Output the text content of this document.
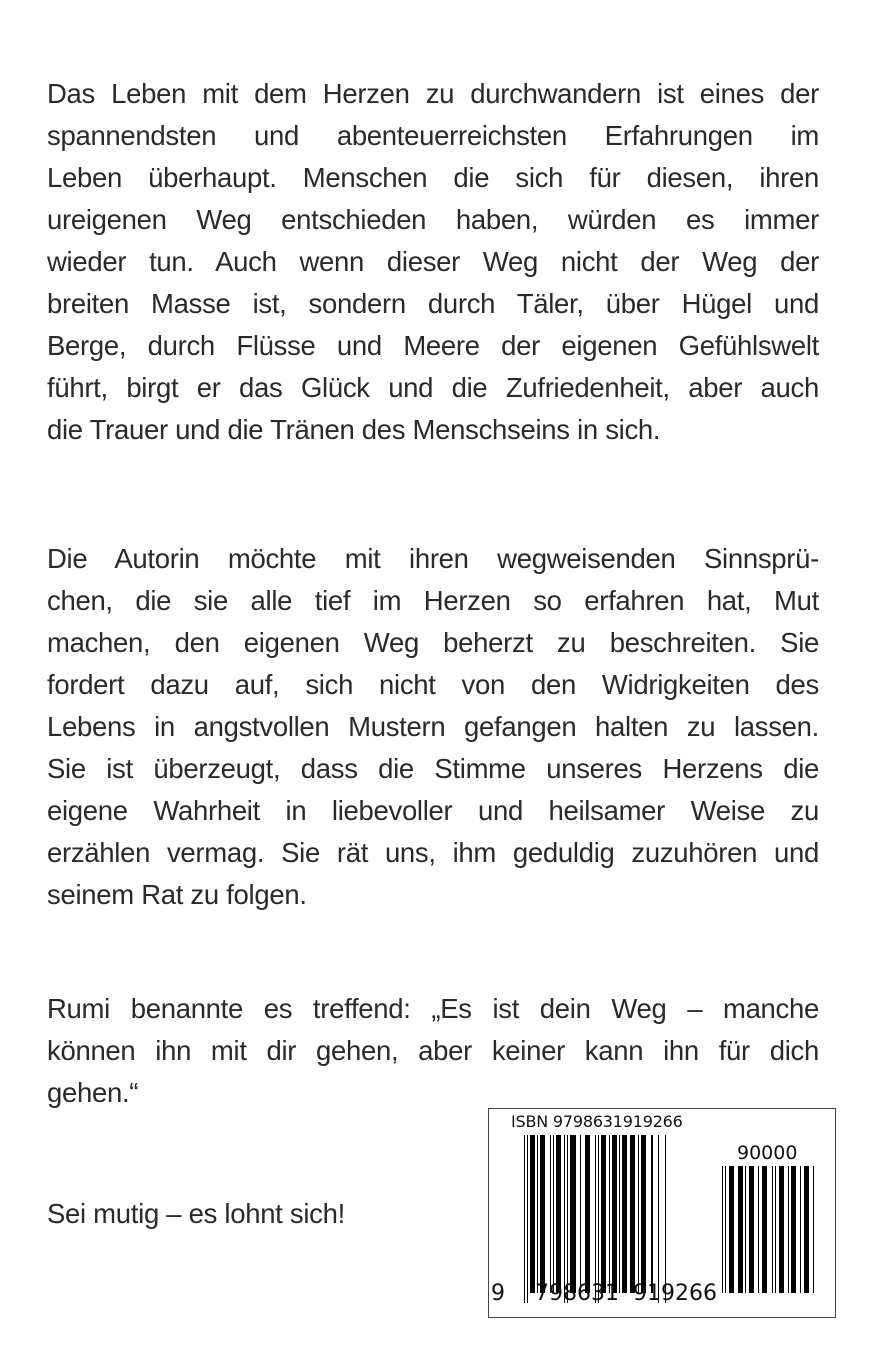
Das Leben mit dem Herzen zu durchwandern ist eines der
spannendsten und abenteuerreichsten Erfahrungen im
Leben überhaupt. Menschen die sich für diesen, ihren
ureigenen Weg entschieden haben, würden es immer
wieder tun. Auch wenn dieser Weg nicht der Weg der
breiten Masse ist, sondern durch Täler, über Hügel und
Berge, durch Flüsse und Meere der eigenen Gefühlswelt
führt, birgt er das Glück und die Zufriedenheit, aber auch
die Trauer und die Tränen des Menschseins in sich.
Die Autorin möchte mit ihren wegweisenden Sinnsprü-
chen, die sie alle tief im Herzen so erfahren hat, Mut
machen, den eigenen Weg beherzt zu beschreiten. Sie
fordert dazu auf, sich nicht von den Widrigkeiten des
Lebens in angstvollen Mustern gefangen halten zu lassen.
Sie ist überzeugt, dass die Stimme unseres Herzens die
eigene Wahrheit in liebevoller und heilsamer Weise zu
erzählen vermag. Sie rät uns, ihm geduldig zuzuhören und
seinem Rat zu folgen.
Rumi benannte es treffend: „Es ist dein Weg – manche
können ihn mit dir gehen, aber keiner kann ihn für dich
gehen.“
Sei mutig – es lohnt sich!
ISBN 9798631919266
90000
9 798631 919266
